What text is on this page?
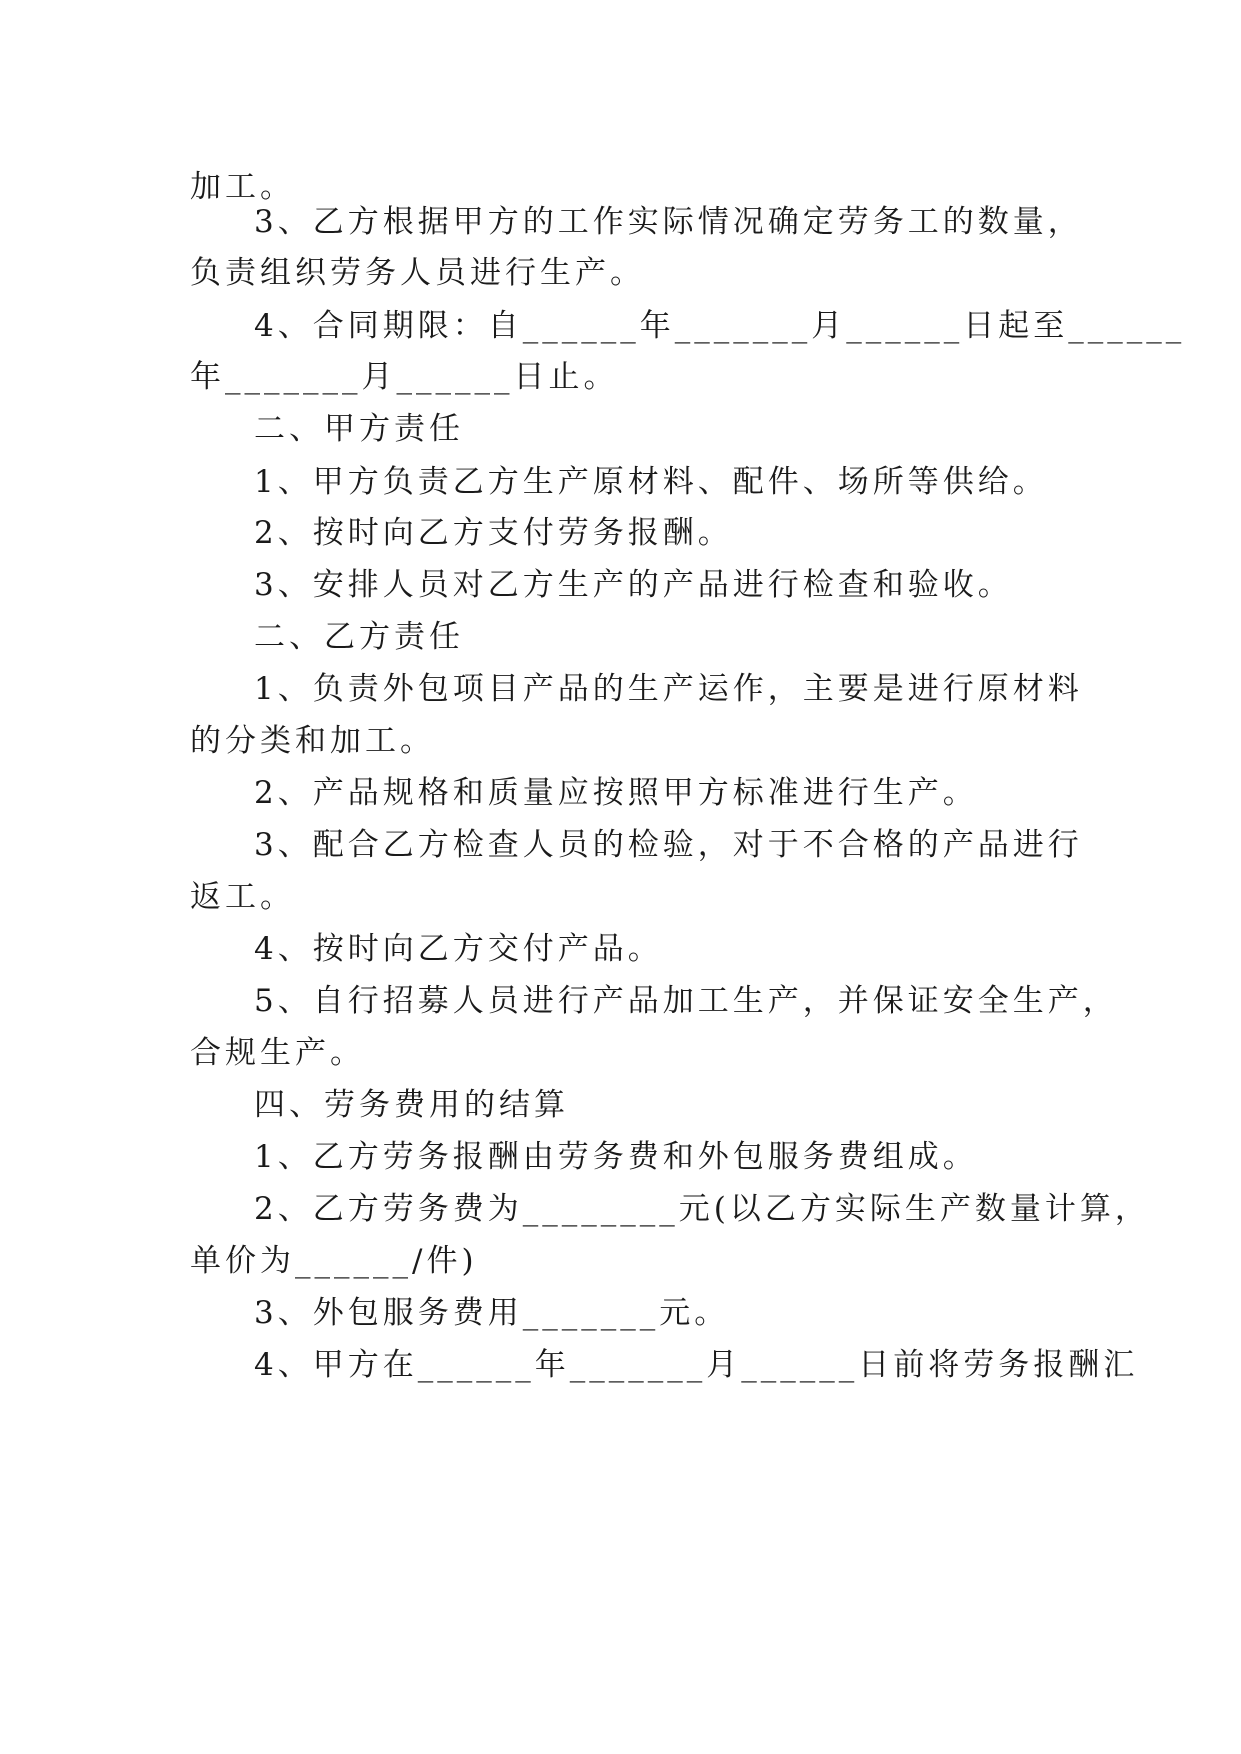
加工。
3、乙方根据甲方的工作实际情况确定劳务工的数量，
负责组织劳务人员进行生产。
4、合同期限：自______年_______月______日起至______
年_______月______日止。
二、甲方责任
1、甲方负责乙方生产原材料、配件、场所等供给。
2、按时向乙方支付劳务报酬。
3、安排人员对乙方生产的产品进行检查和验收。
二、乙方责任
1、负责外包项目产品的生产运作，主要是进行原材料
的分类和加工。
2、产品规格和质量应按照甲方标准进行生产。
3、配合乙方检查人员的检验，对于不合格的产品进行
返工。
4、按时向乙方交付产品。
5、自行招募人员进行产品加工生产，并保证安全生产，
合规生产。
四、劳务费用的结算
1、乙方劳务报酬由劳务费和外包服务费组成。
2、乙方劳务费为________元(以乙方实际生产数量计算，
单价为______/件)
3、外包服务费用_______元。
4、甲方在______年_______月______日前将劳务报酬汇
